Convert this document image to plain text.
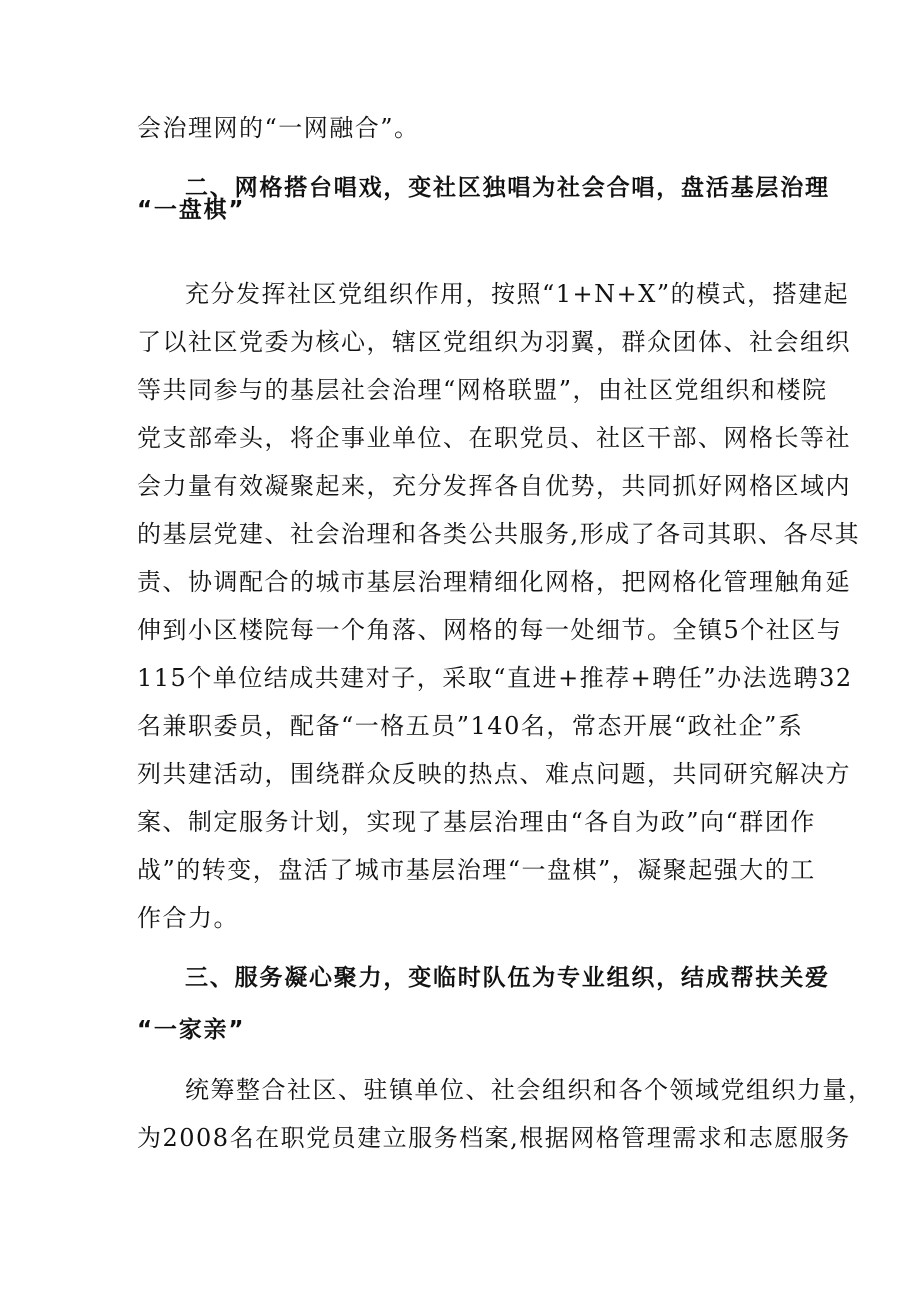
会治理网的“一网融合”。
二、网格搭台唱戏，变社区独唱为社会合唱，盘活基层治理
“一盘棋”
充分发挥社区党组织作用，按照“1+N+X”的模式，搭建起
了以社区党委为核心，辖区党组织为羽翼，群众团体、社会组织
等共同参与的基层社会治理“网格联盟”，由社区党组织和楼院
党支部牵头，将企事业单位、在职党员、社区干部、网格长等社
会力量有效凝聚起来，充分发挥各自优势，共同抓好网格区域内
的基层党建、社会治理和各类公共服务,形成了各司其职、各尽其
责、协调配合的城市基层治理精细化网格，把网格化管理触角延
伸到小区楼院每一个角落、网格的每一处细节。全镇5个社区与
115个单位结成共建对子，采取“直进+推荐+聘任”办法选聘32
名兼职委员，配备“一格五员”140名，常态开展“政社企”系
列共建活动，围绕群众反映的热点、难点问题，共同研究解决方
案、制定服务计划，实现了基层治理由“各自为政”向“群团作
战”的转变，盘活了城市基层治理“一盘棋”，凝聚起强大的工
作合力。
三、服务凝心聚力，变临时队伍为专业组织，结成帮扶关爱
“一家亲”
统筹整合社区、驻镇单位、社会组织和各个领域党组织力量，
为2008名在职党员建立服务档案,根据网格管理需求和志愿服务
